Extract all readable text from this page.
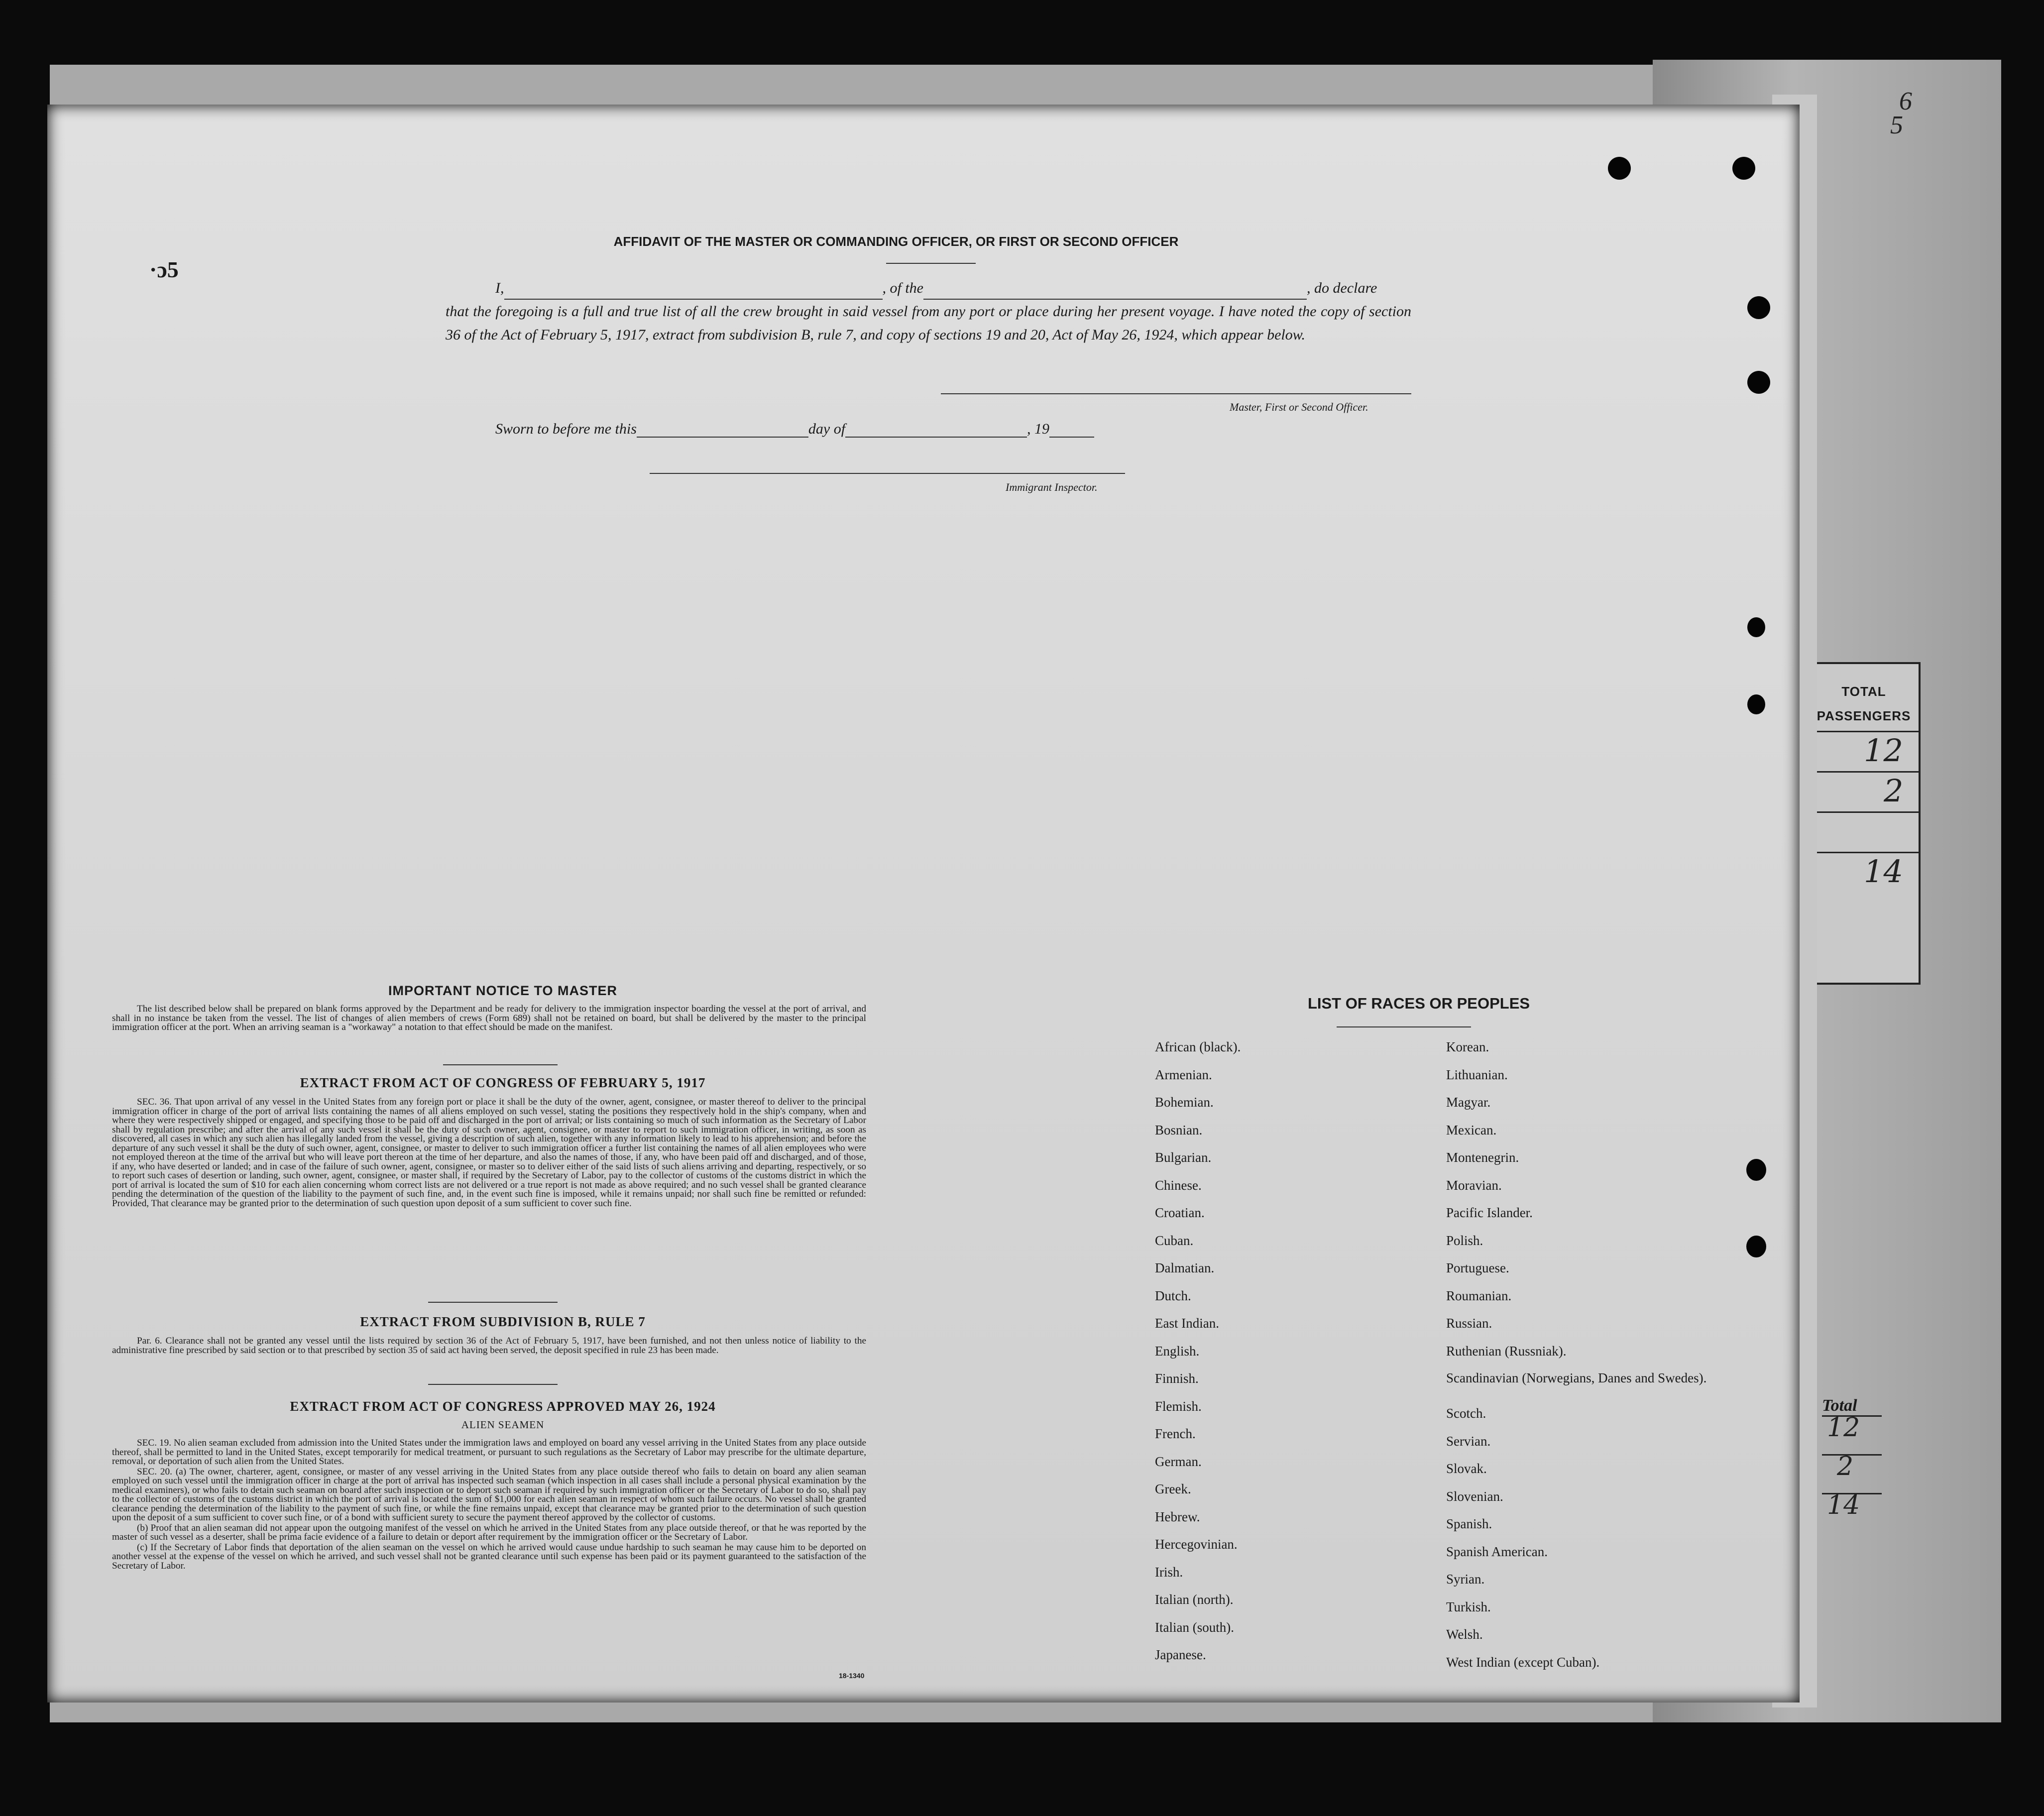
6
5
TOTAL
PASSENGERS
12
2
14
Total
12
2
14
·ɔ5
AFFIDAVIT OF THE MASTER OR COMMANDING OFFICER, OR FIRST OR SECOND OFFICER
I,	, of the	, do declare
that the foregoing is a full and true list of all the crew brought in said vessel from any port or place during her present voyage. I have noted the copy of section 36 of the Act of February 5, 1917, extract from subdivision B, rule 7, and copy of sections 19 and 20, Act of May 26, 1924, which appear below.
Master, First or Second Officer.
Sworn to before me this	day of	, 19
Immigrant Inspector.
IMPORTANT NOTICE TO MASTER

The list described below shall be prepared on blank forms approved by the Department and be ready for delivery to the immigration inspector boarding the vessel at the port of arrival, and shall in no instance be taken from the vessel. The list of changes of alien members of crews (Form 689) shall not be retained on board, but shall be delivered by the master to the principal immigration officer at the port. When an arriving seaman is a "workaway" a notation to that effect should be made on the manifest.

EXTRACT FROM ACT OF CONGRESS OF FEBRUARY 5, 1917

SEC. 36. That upon arrival of any vessel in the United States from any foreign port or place it shall be the duty of the owner, agent, consignee, or master thereof to deliver to the principal immigration officer in charge of the port of arrival lists containing the names of all aliens employed on such vessel, stating the positions they respectively hold in the ship's company, when and where they were respectively shipped or engaged, and specifying those to be paid off and discharged in the port of arrival; or lists containing so much of such information as the Secretary of Labor shall by regulation prescribe; and after the arrival of any such vessel it shall be the duty of such owner, agent, consignee, or master to report to such immigration officer, in writing, as soon as discovered, all cases in which any such alien has illegally landed from the vessel, giving a description of such alien, together with any information likely to lead to his apprehension; and before the departure of any such vessel it shall be the duty of such owner, agent, consignee, or master to deliver to such immigration officer a further list containing the names of all alien employees who were not employed thereon at the time of the arrival but who will leave port thereon at the time of her departure, and also the names of those, if any, who have been paid off and discharged, and of those, if any, who have deserted or landed; and in case of the failure of such owner, agent, consignee, or master so to deliver either of the said lists of such aliens arriving and departing, respectively, or so to report such cases of desertion or landing, such owner, agent, consignee, or master shall, if required by the Secretary of Labor, pay to the collector of customs of the customs district in which the port of arrival is located the sum of $10 for each alien concerning whom correct lists are not delivered or a true report is not made as above required; and no such vessel shall be granted clearance pending the determination of the question of the liability to the payment of such fine, and, in the event such fine is imposed, while it remains unpaid; nor shall such fine be remitted or refunded: Provided, That clearance may be granted prior to the determination of such question upon deposit of a sum sufficient to cover such fine.

EXTRACT FROM SUBDIVISION B, RULE 7

Par. 6. Clearance shall not be granted any vessel until the lists required by section 36 of the Act of February 5, 1917, have been furnished, and not then unless notice of liability to the administrative fine prescribed by said section or to that prescribed by section 35 of said act having been served, the deposit specified in rule 23 has been made.

EXTRACT FROM ACT OF CONGRESS APPROVED MAY 26, 1924
ALIEN SEAMEN

SEC. 19. No alien seaman excluded from admission into the United States under the immigration laws and employed on board any vessel arriving in the United States from any place outside thereof, shall be permitted to land in the United States, except temporarily for medical treatment, or pursuant to such regulations as the Secretary of Labor may prescribe for the ultimate departure, removal, or deportation of such alien from the United States.

SEC. 20. (a) The owner, charterer, agent, consignee, or master of any vessel arriving in the United States from any place outside thereof who fails to detain on board any alien seaman employed on such vessel until the immigration officer in charge at the port of arrival has inspected such seaman (which inspection in all cases shall include a personal physical examination by the medical examiners), or who fails to detain such seaman on board after such inspection or to deport such seaman if required by such immigration officer or the Secretary of Labor to do so, shall pay to the collector of customs of the customs district in which the port of arrival is located the sum of $1,000 for each alien seaman in respect of whom such failure occurs. No vessel shall be granted clearance pending the determination of the liability to the payment of such fine, or while the fine remains unpaid, except that clearance may be granted prior to the determination of such question upon the deposit of a sum sufficient to cover such fine, or of a bond with sufficient surety to secure the payment thereof approved by the collector of customs.

(b) Proof that an alien seaman did not appear upon the outgoing manifest of the vessel on which he arrived in the United States from any place outside thereof, or that he was reported by the master of such vessel as a deserter, shall be prima facie evidence of a failure to detain or deport after requirement by the immigration officer or the Secretary of Labor.

(c) If the Secretary of Labor finds that deportation of the alien seaman on the vessel on which he arrived would cause undue hardship to such seaman he may cause him to be deported on another vessel at the expense of the vessel on which he arrived, and such vessel shall not be granted clearance until such expense has been paid or its payment guaranteed to the satisfaction of the Secretary of Labor.

18-1340
LIST OF RACES OR PEOPLES
African (black).
Armenian.
Bohemian.
Bosnian.
Bulgarian.
Chinese.
Croatian.
Cuban.
Dalmatian.
Dutch.
East Indian.
English.
Finnish.
Flemish.
French.
German.
Greek.
Hebrew.
Hercegovinian.
Irish.
Italian (north).
Italian (south).
Japanese.
Korean.
Lithuanian.
Magyar.
Mexican.
Montenegrin.
Moravian.
Pacific Islander.
Polish.
Portuguese.
Roumanian.
Russian.
Ruthenian (Russniak).
Scandinavian (Norwegians, Danes and Swedes).
Scotch.
Servian.
Slovak.
Slovenian.
Spanish.
Spanish American.
Syrian.
Turkish.
Welsh.
West Indian (except Cuban).
